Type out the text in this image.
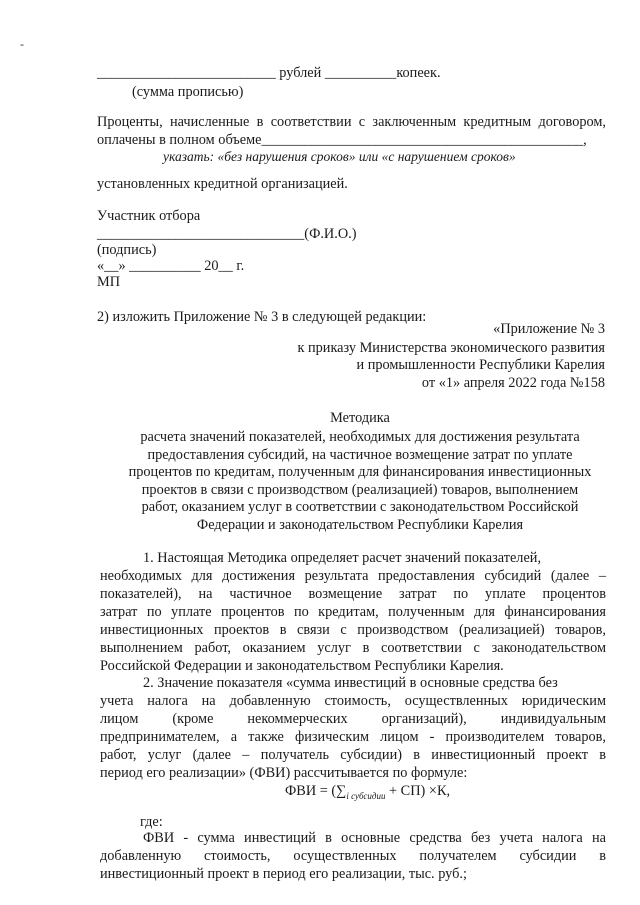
-
_________________________ рублей __________копеек.
(сумма прописью)
Проценты, начисленные в соответствии с заключенным кредитным договором,
оплачены в полном объеме_____________________________________________,
указать: «без нарушения сроков» или «с нарушением сроков»
установленных кредитной организацией.
Участник отбора
_____________________________(Ф.И.О.)
(подпись)
«__» __________ 20__ г.
МП
2) изложить Приложение № 3 в следующей редакции:
«Приложение № 3
к приказу Министерства экономического развития
и промышленности Республики Карелия
от «1» апреля 2022 года №158
Методика
расчета значений показателей, необходимых для достижения результата
предоставления субсидий, на частичное возмещение затрат по уплате
процентов по кредитам, полученным для финансирования инвестиционных
проектов в связи с производством (реализацией) товаров, выполнением
работ, оказанием услуг в соответствии с законодательством Российской
Федерации и законодательством Республики Карелия
1. Настоящая Методика определяет расчет значений показателей,
необходимых для достижения результата предоставления субсидий (далее –
показателей), на частичное возмещение затрат по уплате процентов
затрат по уплате процентов по кредитам, полученным для финансирования
инвестиционных проектов в связи с производством (реализацией) товаров,
выполнением работ, оказанием услуг в соответствии с законодательством
Российской Федерации и законодательством Республики Карелия.
2. Значение показателя «сумма инвестиций в основные средства без
учета налога на добавленную стоимость, осуществленных юридическим
лицом (кроме некоммерческих организаций), индивидуальным
предпринимателем, а также физическим лицом - производителем товаров,
работ, услуг (далее – получатель субсидии) в инвестиционный проект в
период его реализации» (ФВИ) рассчитывается по формуле:
ФВИ = $(\sum_{i субсидии} + СП) \times К$,
где:
ФВИ - сумма инвестиций в основные средства без учета налога на
добавленную стоимость, осуществленных получателем субсидии в
инвестиционный проект в период его реализации, тыс. руб.;
